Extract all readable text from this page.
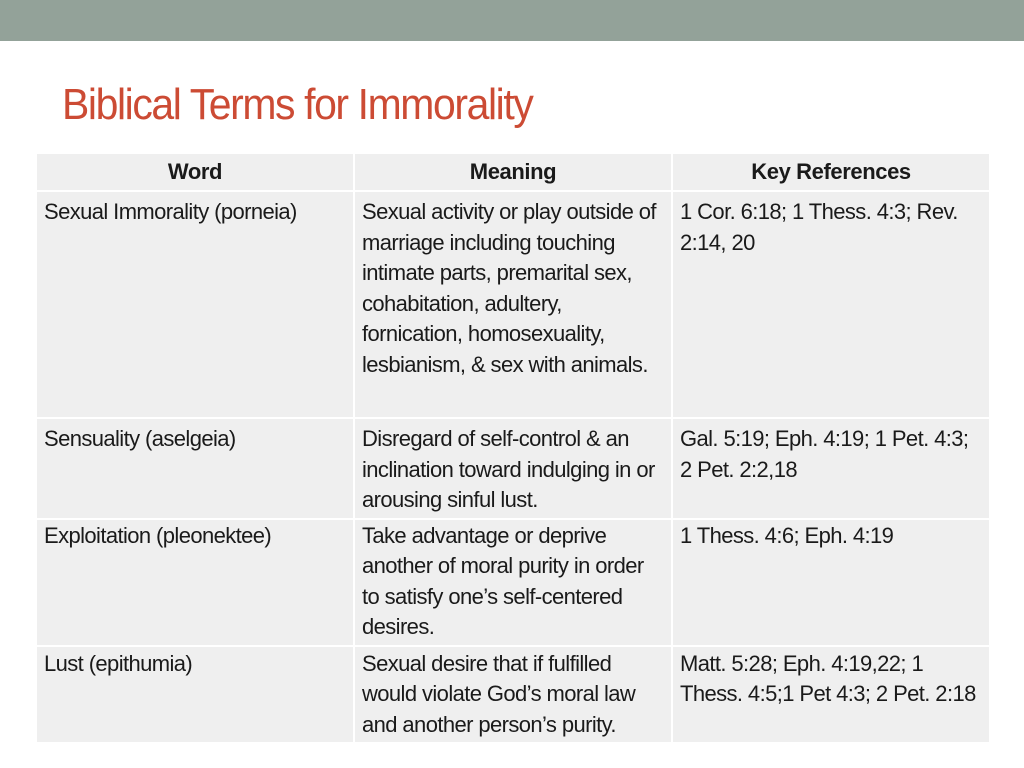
Biblical Terms for Immorality
Word	Meaning	Key References
Sexual Immorality (porneia)	Sexual activity or play outside of marriage including touching intimate parts, premarital sex, cohabitation, adultery, fornication, homosexuality, lesbianism, & sex with animals.	1 Cor. 6:18; 1 Thess. 4:3; Rev. 2:14, 20
Sensuality (aselgeia)	Disregard of self-control & an inclination toward indulging in or arousing sinful lust.	Gal. 5:19; Eph. 4:19; 1 Pet. 4:3; 2 Pet. 2:2,18
Exploitation (pleonektee)	Take advantage or deprive another of moral purity in order to satisfy one’s self-centered desires.	1 Thess. 4:6; Eph. 4:19
Lust (epithumia)	Sexual desire that if fulfilled would violate God’s moral law and another person’s purity.	Matt. 5:28; Eph. 4:19,22; 1 Thess. 4:5;1 Pet 4:3; 2 Pet. 2:18
